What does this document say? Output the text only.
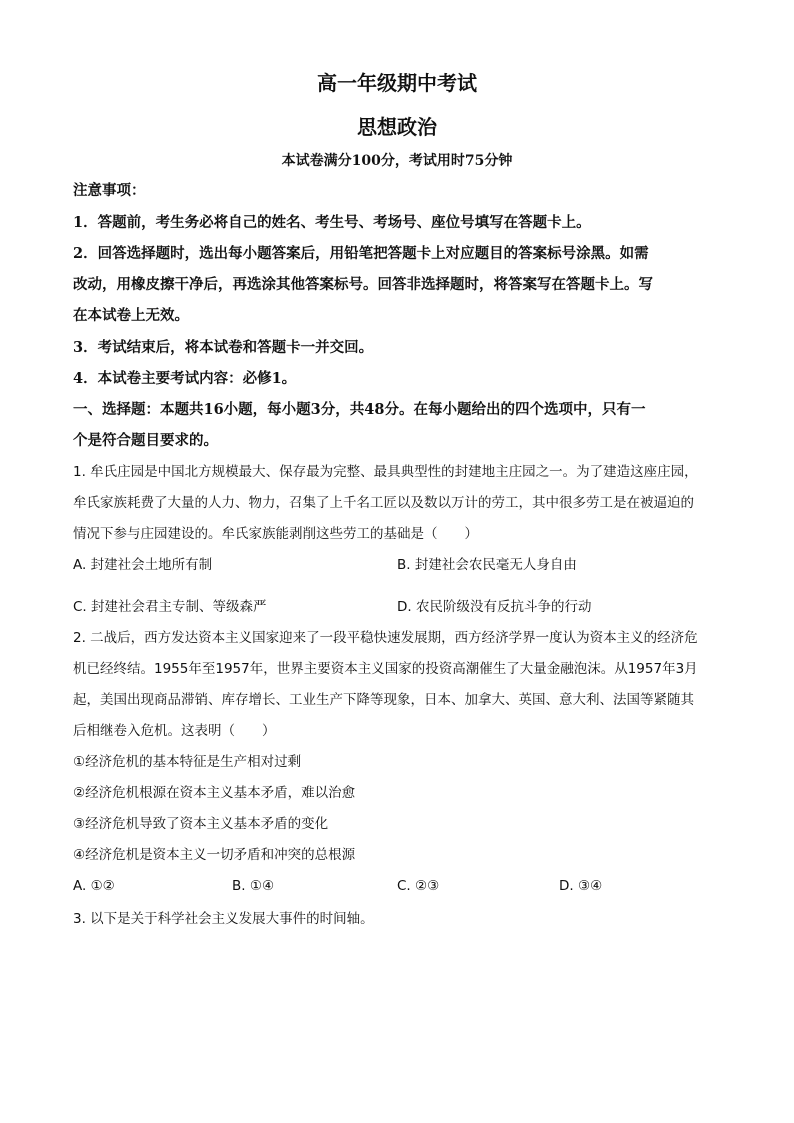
高一年级期中考试
思想政治
本试卷满分100分，考试用时75分钟
注意事项：
1．答题前，考生务必将自己的姓名、考生号、考场号、座位号填写在答题卡上。
2．回答选择题时，选出每小题答案后，用铅笔把答题卡上对应题目的答案标号涂黑。如需
改动，用橡皮擦干净后，再选涂其他答案标号。回答非选择题时，将答案写在答题卡上。写
在本试卷上无效。
3．考试结束后，将本试卷和答题卡一并交回。
4．本试卷主要考试内容：必修1。
一、选择题：本题共16小题，每小题3分，共48分。在每小题给出的四个选项中，只有一
个是符合题目要求的。
1. 牟氏庄园是中国北方规模最大、保存最为完整、最具典型性的封建地主庄园之一。为了建造这座庄园，
牟氏家族耗费了大量的人力、物力，召集了上千名工匠以及数以万计的劳工，其中很多劳工是在被逼迫的
情况下参与庄园建设的。牟氏家族能剥削这些劳工的基础是（　　）
A. 封建社会土地所有制	B. 封建社会农民毫无人身自由
C. 封建社会君主专制、等级森严	D. 农民阶级没有反抗斗争的行动
2. 二战后，西方发达资本主义国家迎来了一段平稳快速发展期，西方经济学界一度认为资本主义的经济危
机已经终结。1955年至1957年，世界主要资本主义国家的投资高潮催生了大量金融泡沫。从1957年3月
起，美国出现商品滞销、库存增长、工业生产下降等现象，日本、加拿大、英国、意大利、法国等紧随其
后相继卷入危机。这表明（　　）
①经济危机的基本特征是生产相对过剩
②经济危机根源在资本主义基本矛盾，难以治愈
③经济危机导致了资本主义基本矛盾的变化
④经济危机是资本主义一切矛盾和冲突的总根源
A. ①②	B. ①④	C. ②③	D. ③④
3. 以下是关于科学社会主义发展大事件的时间轴。
